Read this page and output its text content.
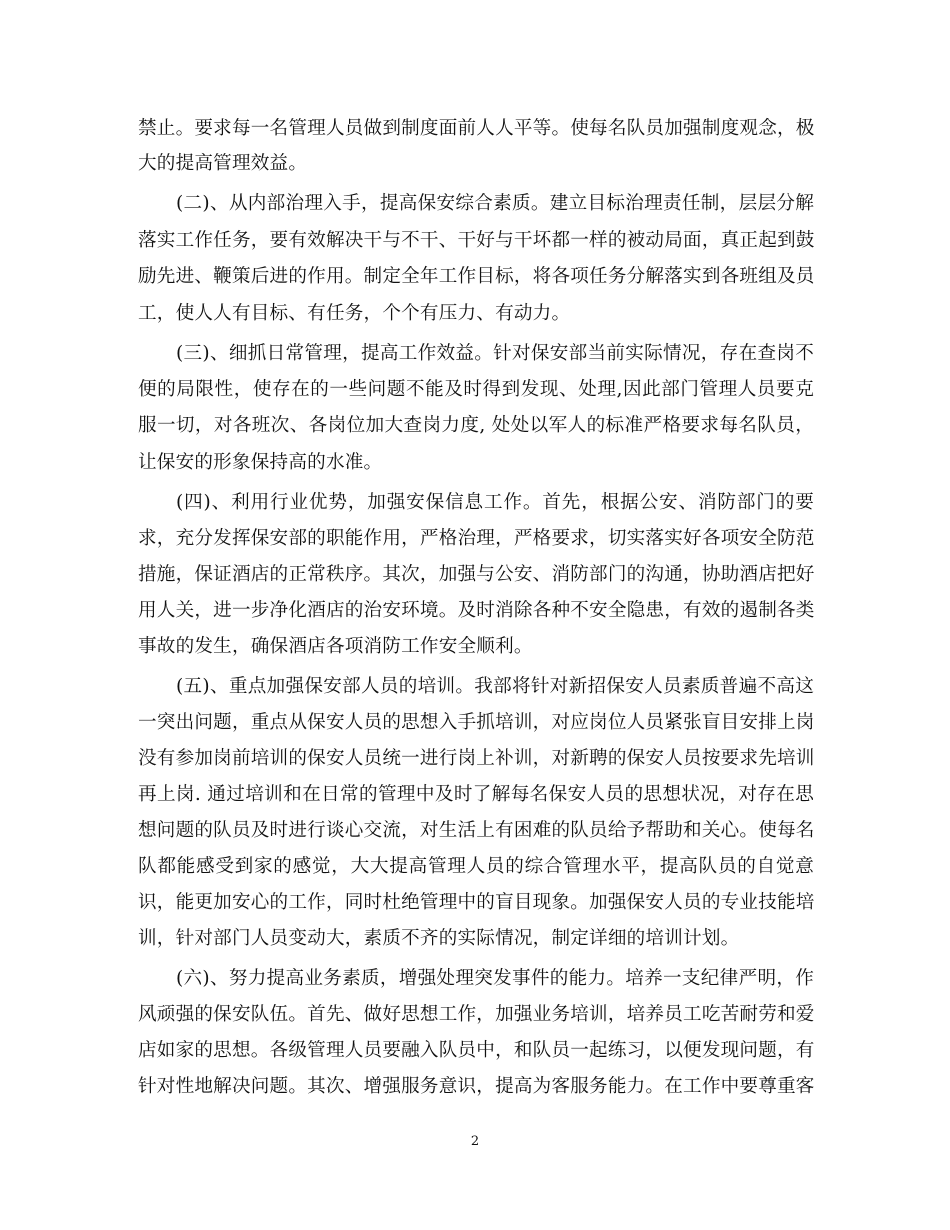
禁止。要求每一名管理人员做到制度面前人人平等。使每名队员加强制度观念，极
大的提高管理效益。
(二)、从内部治理入手，提高保安综合素质。建立目标治理责任制，层层分解
落实工作任务，要有效解决干与不干、干好与干坏都一样的被动局面，真正起到鼓
励先进、鞭策后进的作用。制定全年工作目标，将各项任务分解落实到各班组及员
工，使人人有目标、有任务，个个有压力、有动力。
(三)、细抓日常管理，提高工作效益。针对保安部当前实际情况，存在查岗不
便的局限性，使存在的一些问题不能及时得到发现、处理,因此部门管理人员要克
服一切，对各班次、各岗位加大查岗力度, 处处以军人的标准严格要求每名队员，
让保安的形象保持高的水准。
(四)、利用行业优势，加强安保信息工作。首先，根据公安、消防部门的要
求，充分发挥保安部的职能作用，严格治理，严格要求，切实落实好各项安全防范
措施，保证酒店的正常秩序。其次，加强与公安、消防部门的沟通，协助酒店把好
用人关，进一步净化酒店的治安环境。及时消除各种不安全隐患，有效的遏制各类
事故的发生，确保酒店各项消防工作安全顺利。
(五)、重点加强保安部人员的培训。我部将针对新招保安人员素质普遍不高这
一突出问题，重点从保安人员的思想入手抓培训，对应岗位人员紧张盲目安排上岗
没有参加岗前培训的保安人员统一进行岗上补训，对新聘的保安人员按要求先培训
再上岗. 通过培训和在日常的管理中及时了解每名保安人员的思想状况，对存在思
想问题的队员及时进行谈心交流，对生活上有困难的队员给予帮助和关心。使每名
队都能感受到家的感觉，大大提高管理人员的综合管理水平，提高队员的自觉意
识，能更加安心的工作，同时杜绝管理中的盲目现象。加强保安人员的专业技能培
训，针对部门人员变动大，素质不齐的实际情况，制定详细的培训计划。
(六)、努力提高业务素质，增强处理突发事件的能力。培养一支纪律严明，作
风顽强的保安队伍。首先、做好思想工作，加强业务培训，培养员工吃苦耐劳和爱
店如家的思想。各级管理人员要融入队员中，和队员一起练习，以便发现问题，有
针对性地解决问题。其次、增强服务意识，提高为客服务能力。在工作中要尊重客
2
